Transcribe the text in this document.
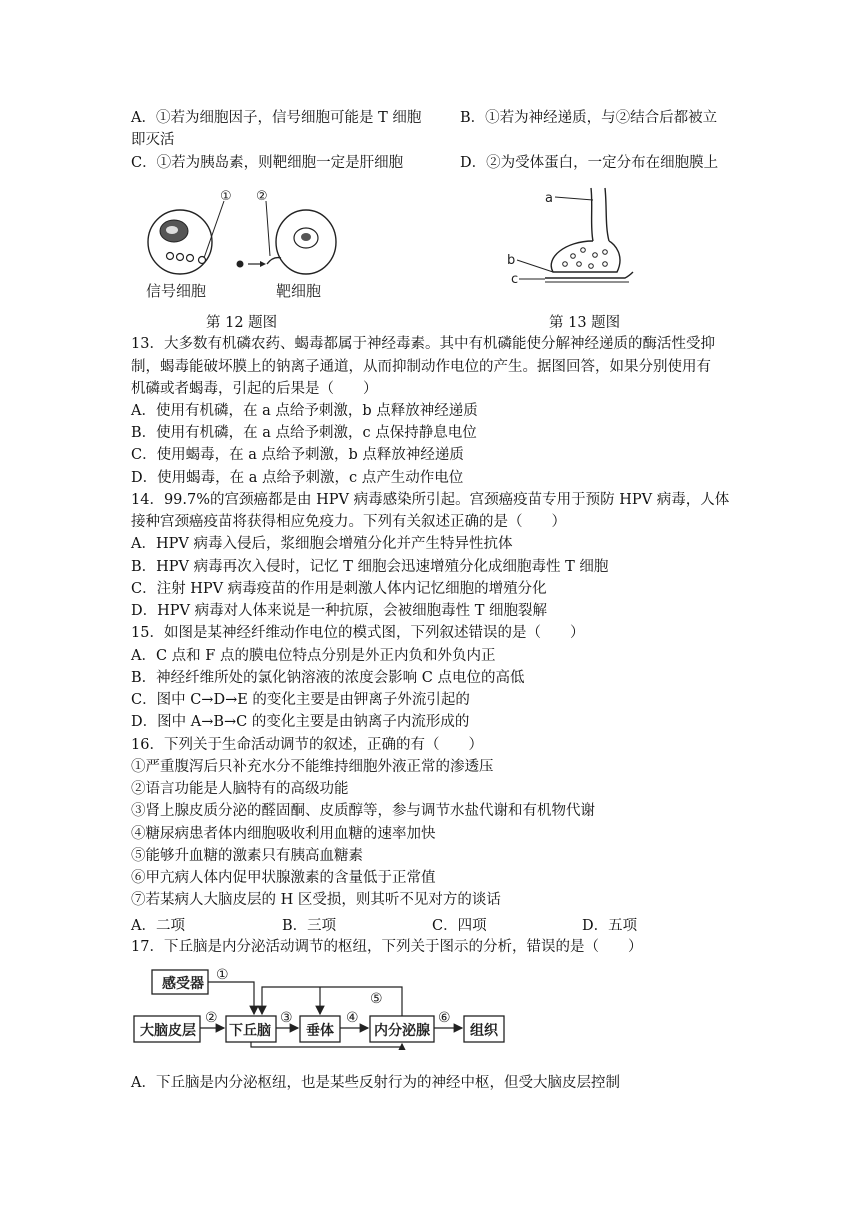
A．①若为细胞因子，信号细胞可能是 T 细胞	B．①若为神经递质，与②结合后都被立
即灭活
C．①若为胰岛素，则靶细胞一定是肝细胞	D．②为受体蛋白，一定分布在细胞膜上
① ②
信号细胞	靶细胞
a
b
c
第 12 题图	第 13 题图
13．大多数有机磷农药、蝎毒都属于神经毒素。其中有机磷能使分解神经递质的酶活性受抑
制，蝎毒能破坏膜上的钠离子通道，从而抑制动作电位的产生。据图回答，如果分别使用有
机磷或者蝎毒，引起的后果是（　　）
A．使用有机磷，在 a 点给予刺激，b 点释放神经递质
B．使用有机磷，在 a 点给予刺激，c 点保持静息电位
C．使用蝎毒，在 a 点给予刺激，b 点释放神经递质
D．使用蝎毒，在 a 点给予刺激，c 点产生动作电位
14．99.7%的宫颈癌都是由 HPV 病毒感染所引起。宫颈癌疫苗专用于预防 HPV 病毒，人体
接种宫颈癌疫苗将获得相应免疫力。下列有关叙述正确的是（　　）
A．HPV 病毒入侵后，浆细胞会增殖分化并产生特异性抗体
B．HPV 病毒再次入侵时，记忆 T 细胞会迅速增殖分化成细胞毒性 T 细胞
C．注射 HPV 病毒疫苗的作用是刺激人体内记忆细胞的增殖分化
D．HPV 病毒对人体来说是一种抗原，会被细胞毒性 T 细胞裂解
15．如图是某神经纤维动作电位的模式图，下列叙述错误的是（　　）
A．C 点和 F 点的膜电位特点分别是外正内负和外负内正
B．神经纤维所处的氯化钠溶液的浓度会影响 C 点电位的高低
C．图中 C→D→E 的变化主要是由钾离子外流引起的
D．图中 A→B→C 的变化主要是由钠离子内流形成的
16．下列关于生命活动调节的叙述，正确的有（　　）
①严重腹泻后只补充水分不能维持细胞外液正常的渗透压
②语言功能是人脑特有的高级功能
③肾上腺皮质分泌的醛固酮、皮质醇等，参与调节水盐代谢和有机物代谢
④糖尿病患者体内细胞吸收利用血糖的速率加快
⑤能够升血糖的激素只有胰高血糖素
⑥甲亢病人体内促甲状腺激素的含量低于正常值
⑦若某病人大脑皮层的 H 区受损，则其听不见对方的谈话
A．二项	B．三项	C．四项	D．五项
17．下丘脑是内分泌活动调节的枢纽，下列关于图示的分析，错误的是（　　）
感受器
大脑皮层 下丘脑	垂体	内分泌腺	组织
①
②	③	④	⑥
⑤
A．下丘脑是内分泌枢纽，也是某些反射行为的神经中枢，但受大脑皮层控制
